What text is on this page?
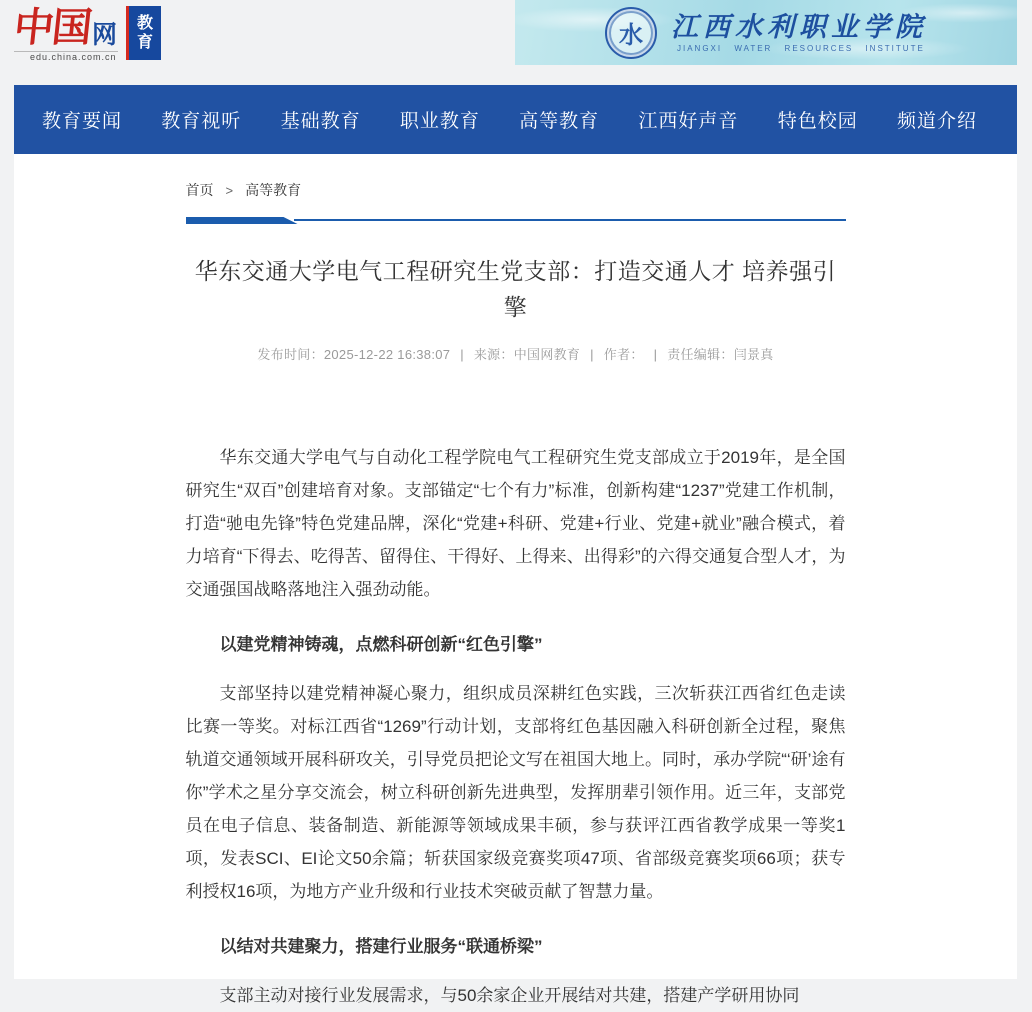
中国 网
edu.china.com.cn
教
育	水 江西水利职业学院
JIANGXI WATER RESOURCES INSTITUTE
教育要闻 教育视听 基础教育 职业教育 高等教育 江西好声音 特色校园 频道介绍
首页 > 高等教育
华东交通大学电气工程研究生党支部：打造交通人才 培养强引擎
发布时间：2025-12-22 16:38:07 | 来源：中国网教育 | 作者： | 责任编辑：闫景真

华东交通大学电气与自动化工程学院电气工程研究生党支部成立于2019年，是全国研究生“双百”创建培育对象。支部锚定“七个有力”标准，创新构建“1237”党建工作机制，打造“驰电先锋”特色党建品牌，深化“党建+科研、党建+行业、党建+就业”融合模式，着力培育“下得去、吃得苦、留得住、干得好、上得来、出得彩”的六得交通复合型人才，为交通强国战略落地注入强劲动能。

以建党精神铸魂，点燃科研创新“红色引擎”

支部坚持以建党精神凝心聚力，组织成员深耕红色实践，三次斩获江西省红色走读比赛一等奖。对标江西省“1269”行动计划，支部将红色基因融入科研创新全过程，聚焦轨道交通领域开展科研攻关，引导党员把论文写在祖国大地上。同时，承办学院“‘研’途有你”学术之星分享交流会，树立科研创新先进典型，发挥朋辈引领作用。近三年，支部党员在电子信息、装备制造、新能源等领域成果丰硕，参与获评江西省教学成果一等奖1项，发表SCI、EI论文50余篇；斩获国家级竞赛奖项47项、省部级竞赛奖项66项；获专利授权16项，为地方产业升级和行业技术突破贡献了智慧力量。

以结对共建聚力，搭建行业服务“联通桥梁”

支部主动对接行业发展需求，与50余家企业开展结对共建，搭建产学研用协同
